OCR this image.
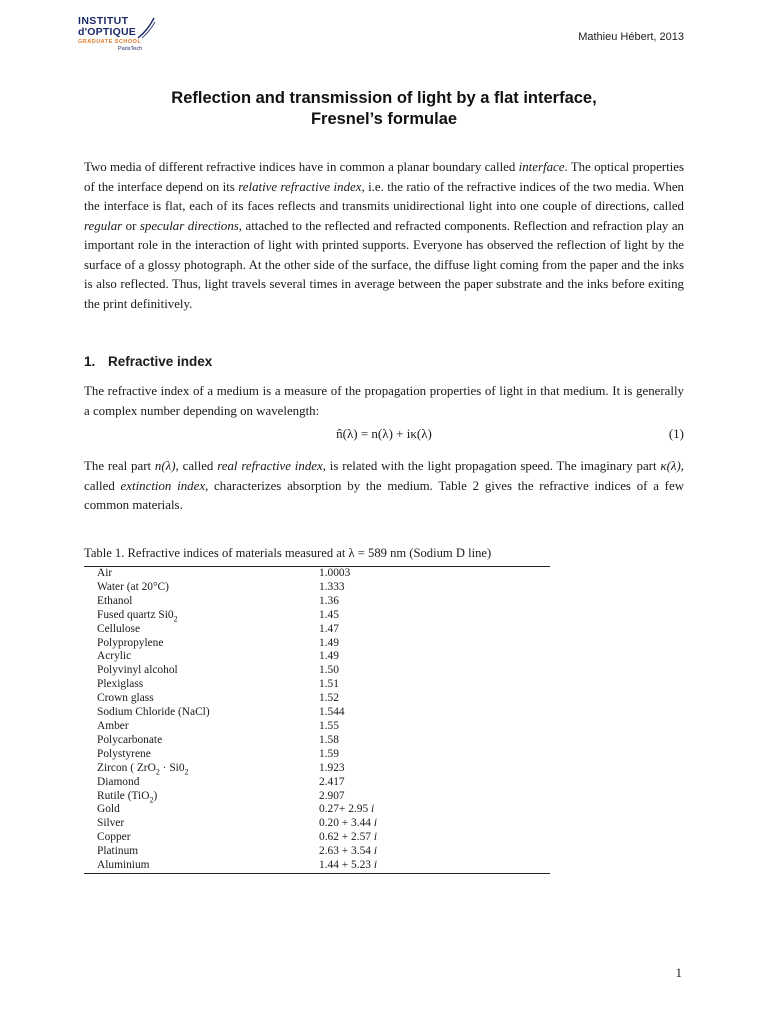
INSTITUT
d'OPTIQUE
GRADUATE SCHOOL
ParisTech
Mathieu Hébert, 2013
Reflection and transmission of light by a flat interface,
Fresnel’s formulae

Two media of different refractive indices have in common a planar boundary called interface. The optical properties of the interface depend on its relative refractive index, i.e. the ratio of the refractive indices of the two media. When the interface is flat, each of its faces reflects and transmits unidirectional light into one couple of directions, called regular or specular directions, attached to the reflected and refracted components. Reflection and refraction play an important role in the interaction of light with printed supports. Everyone has observed the reflection of light by the surface of a glossy photograph. At the other side of the surface, the diffuse light coming from the paper and the inks is also reflected. Thus, light travels several times in average between the paper substrate and the inks before exiting the print definitively.

1. Refractive index

The refractive index of a medium is a measure of the propagation properties of light in that medium. It is generally a complex number depending on wavelength:

n̂(λ) = n(λ) + iκ(λ)	(1)

The real part n(λ), called real refractive index, is related with the light propagation speed. The imaginary part κ(λ), called extinction index, characterizes absorption by the medium. Table 2 gives the refractive indices of a few common materials.

Table 1. Refractive indices of materials measured at λ = 589 nm (Sodium D line)
Air	1.0003
Water (at 20°C)	1.333
Ethanol	1.36
Fused quartz $Si0_2$	1.45
Cellulose	1.47
Polypropylene	1.49
Acrylic	1.49
Polyvinyl alcohol	1.50
Plexiglass	1.51
Crown glass	1.52
Sodium Chloride (NaCl)	1.544
Amber	1.55
Polycarbonate	1.58
Polystyrene	1.59
Zircon ( $ZrO_2 \cdot Si0_2$	1.923
Diamond	2.417
Rutile (TiO$_2$)	2.907
Gold	0.27+ 2.95 i
Silver	0.20 + 3.44 i
Copper	0.62 + 2.57 i
Platinum	2.63 + 3.54 i
Aluminium	1.44 + 5.23 i
1
